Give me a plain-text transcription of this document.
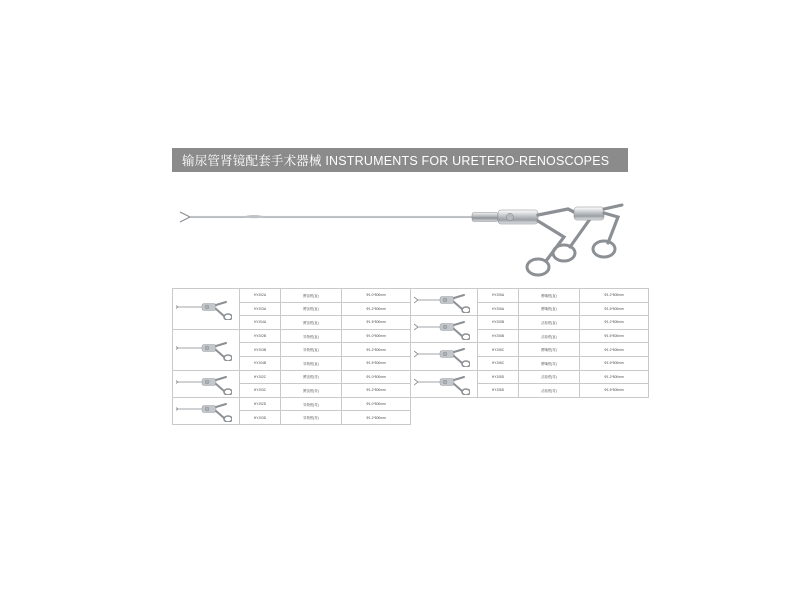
输尿管肾镜配套手术器械 INSTRUMENTS FOR URETERO-RENOSCOPES
	HYJ02A	鳄齿钳(直)	Φ1.0*500mm
	HYJ03A	鳄齿钳(直)	Φ1.2*500mm
	HYJ04A	鳄齿钳(直)	Φ1.5*500mm

	HYJ02B	异物钳(直)	Φ1.0*500mm
	HYJ03B	异物钳(直)	Φ1.2*500mm
	HYJ04B	异物钳(直)	Φ1.5*500mm

	HYJ02C	鳄齿钳(弯)	Φ1.0*500mm
	HYJ03C	鳄齿钳(弯)	Φ1.2*500mm

	HYJ02D	异物钳(弯)	Φ1.0*500mm
	HYJ03D	异物钳(弯)	Φ1.2*500mm
	HYJ05A	鳄嘴钳(直)	Φ1.2*500mm
	HYJ06A	鳄嘴钳(直)	Φ1.5*500mm

	HYJ05B	活检钳(直)	Φ1.2*500mm
	HYJ06B	活检钳(直)	Φ1.5*500mm

	HYJ05C	鳄嘴钳(弯)	Φ1.2*500mm
	HYJ06C	鳄嘴钳(弯)	Φ1.5*500mm

	HYJ05D	活检钳(弯)	Φ1.2*500mm
	HYJ06D	活检钳(弯)	Φ1.5*500mm
